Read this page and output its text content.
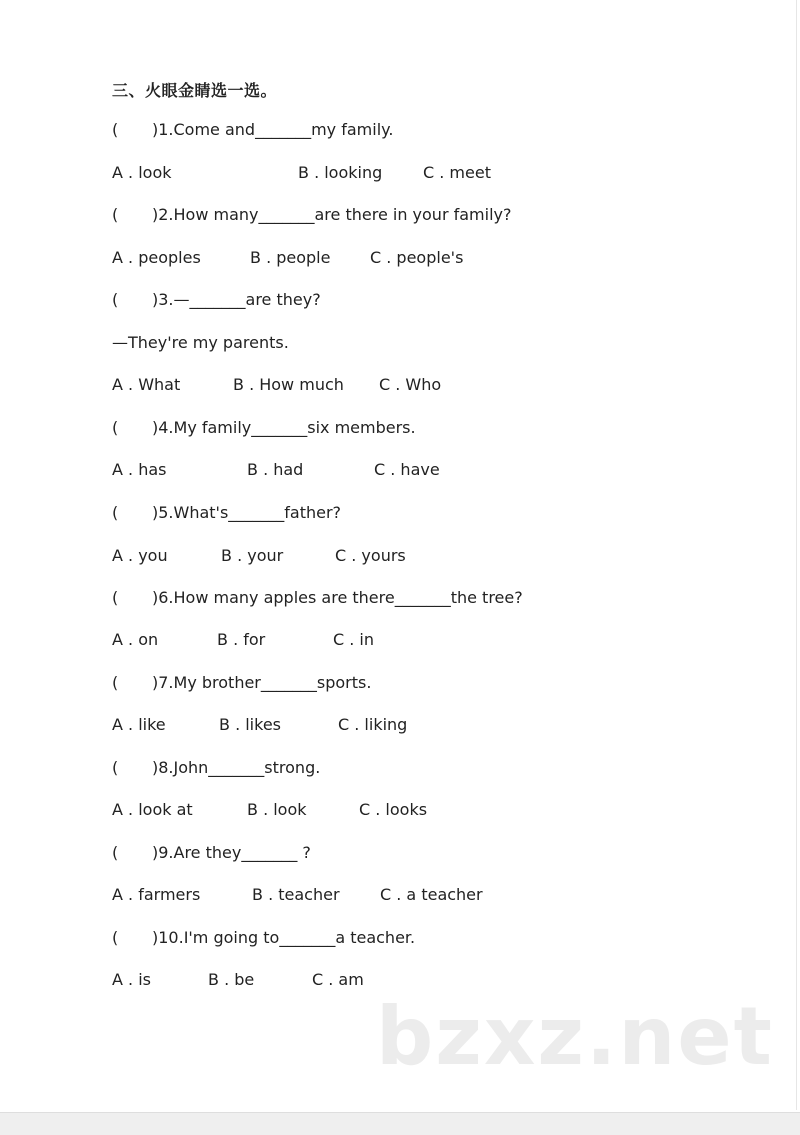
三、火眼金睛选一选。
( )1.Come and_______my family.
A . look	B . looking	C . meet
( )2.How many_______are there in your family?
A . peoples	B . people C . people's
( )3.—_______are they?
—They're my parents.
A . What	B . How much C . Who
( )4.My family_______six members.
A . has	B . had	C . have
( )5.What's_______father?
A . you	B . your	C . yours
( )6.How many apples are there_______the tree?
A . on	B . for	C . in
( )7.My brother_______sports.
A . like	B . likes	C . liking
( )8.John_______strong.
A . look at	B . look	C . looks
( )9.Are they_______ ?
A . farmers	B . teacher	C . a teacher
( )10.I'm going to_______a teacher.
A . is	B . be	C . am
bzxz.net
